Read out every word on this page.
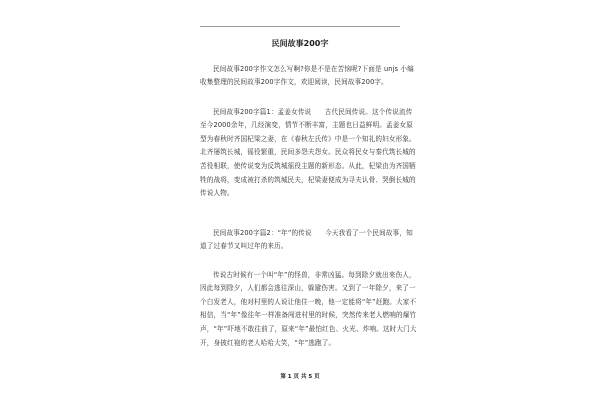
民间故事200字

民间故事200字作文怎么写啊?你是不是在苦恼呢?下面是 unjs 小编收集整理的民间故事200字作文，欢迎阅读，民间故事200字。

民间故事200字篇1：孟姜女传说　　古代民间传说。这个传说流传至今2000余年，几经演变，情节不断丰富，主题也日益鲜明。孟姜女原型为春秋时齐国杞梁之妻，在《春秋左氏传》中是一个知礼的妇女形象。北齐屡筑长城，徭役繁重，民间多怨夫怨女。民众将民女与秦代筑长城的苦役相联，使传说变为反筑城徭役主题的新形态。从此，杞梁由为齐国牺牲的战将，变成被打杀的筑城民夫，杞梁妻便成为寻夫认骨、哭倒长城的传说人物。

民间故事200字篇2：“年”的传说　　今天我看了一个民间故事，知道了过春节又叫过年的来历。

传说古时候有一个叫“年”的怪兽，非常凶猛。每到除夕就出来伤人，因此每到除夕，人们都会逃往深山，躲避伤害。又到了一年除夕，来了一个白发老人，他对村里的人说让他住一晚，他一定能将“年”赶跑。大家不相信，当“年”像往年一样准备闯进村里的时候，突然传来老人燃响的爆竹声，“年”吓地不敢往前了，原来“年”最怕红色、火光、炸响。这时大门大开，身披红袍的老人哈哈大笑，“年”逃跑了。

第 1 页 共 5 页
